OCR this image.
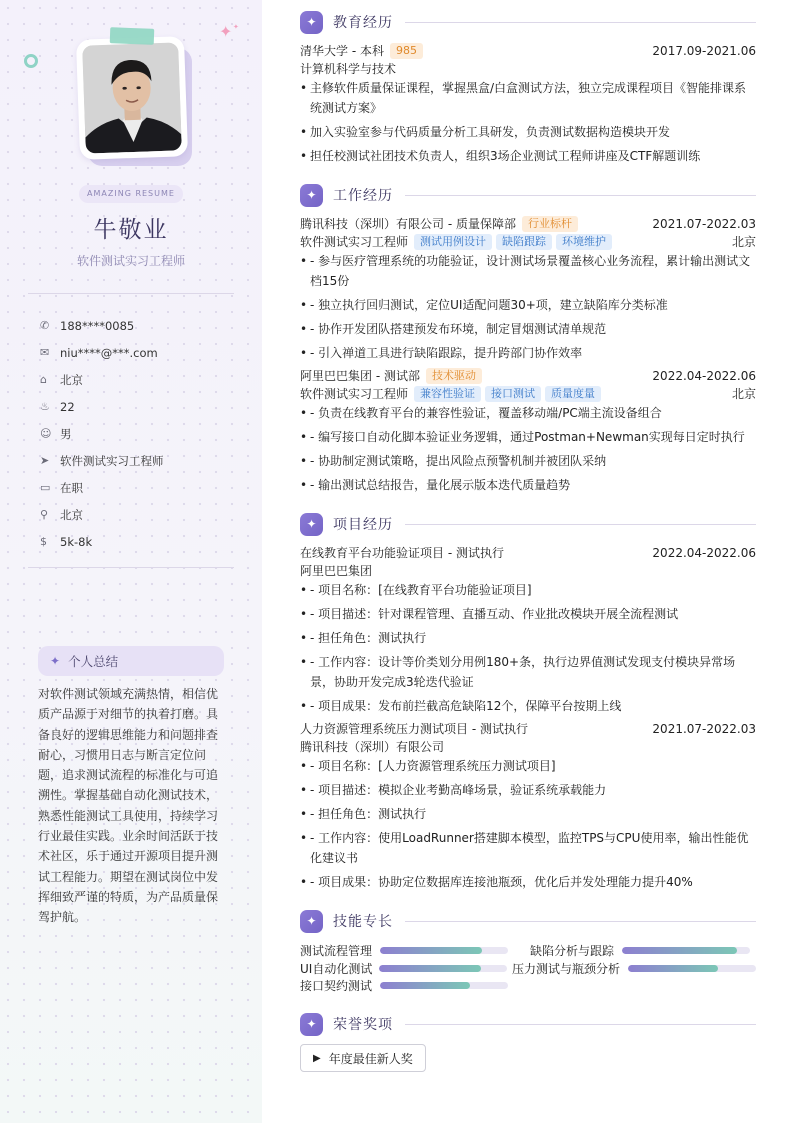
✦ ✦
AMAZING RESUME
牛敬业
软件测试实习工程师
✆ 188****0085
✉ niu****@***.com
⌂	北京
♨ 22
☺ 男
➤ 软件测试实习工程师
▭ 在职
⚲	北京
$	5k-8k
✦ 个人总结
对软件测试领域充满热情，相信优质产品源于对细节的执着打磨。具备良好的逻辑思维能力和问题排查耐心，习惯用日志与断言定位问题，追求测试流程的标准化与可追溯性。掌握基础自动化测试技术，熟悉性能测试工具使用，持续学习行业最佳实践。业余时间活跃于技术社区，乐于通过开源项目提升测试工程能力。期望在测试岗位中发挥细致严谨的特质，为产品质量保驾护航。
✦	教育经历
清华大学 - 本科	985	2017.09-2021.06
计算机科学与技术
• 主修软件质量保证课程，掌握黑盒/白盒测试方法，独立完成课程项目《智能排课系统测试方案》
• 加入实验室参与代码质量分析工具研发，负责测试数据构造模块开发
• 担任校测试社团技术负责人，组织3场企业测试工程师讲座及CTF解题训练
✦	工作经历
腾讯科技（深圳）有限公司 - 质量保障部	行业标杆	2021.07-2022.03
软件测试实习工程师	测试用例设计	缺陷跟踪	环境维护	北京
• - 参与医疗管理系统的功能验证，设计测试场景覆盖核心业务流程，累计输出测试文档15份
• - 独立执行回归测试，定位UI适配问题30+项，建立缺陷库分类标准
• - 协作开发团队搭建预发布环境，制定冒烟测试清单规范
• - 引入禅道工具进行缺陷跟踪，提升跨部门协作效率
阿里巴巴集团 - 测试部	技术驱动	2022.04-2022.06
软件测试实习工程师	兼容性验证	接口测试	质量度量	北京
• - 负责在线教育平台的兼容性验证，覆盖移动端/PC端主流设备组合
• - 编写接口自动化脚本验证业务逻辑，通过Postman+Newman实现每日定时执行
• - 协助制定测试策略，提出风险点预警机制并被团队采纳
• - 输出测试总结报告，量化展示版本迭代质量趋势
✦	项目经历
在线教育平台功能验证项目 - 测试执行	2022.04-2022.06
阿里巴巴集团
• - 项目名称：[在线教育平台功能验证项目]
• - 项目描述：针对课程管理、直播互动、作业批改模块开展全流程测试
• - 担任角色：测试执行
• - 工作内容：设计等价类划分用例180+条，执行边界值测试发现支付模块异常场景，协助开发完成3轮迭代验证
• - 项目成果：发布前拦截高危缺陷12个，保障平台按期上线
人力资源管理系统压力测试项目 - 测试执行	2021.07-2022.03
腾讯科技（深圳）有限公司
• - 项目名称：[人力资源管理系统压力测试项目]
• - 项目描述：模拟企业考勤高峰场景，验证系统承载能力
• - 担任角色：测试执行
• - 工作内容：使用LoadRunner搭建脚本模型，监控TPS与CPU使用率，输出性能优化建议书
• - 项目成果：协助定位数据库连接池瓶颈，优化后并发处理能力提升40%
✦	技能专长
测试流程管理	缺陷分析与跟踪
UI自动化测试	压力测试与瓶颈分析
接口契约测试
✦	荣誉奖项
▶ 年度最佳新人奖
